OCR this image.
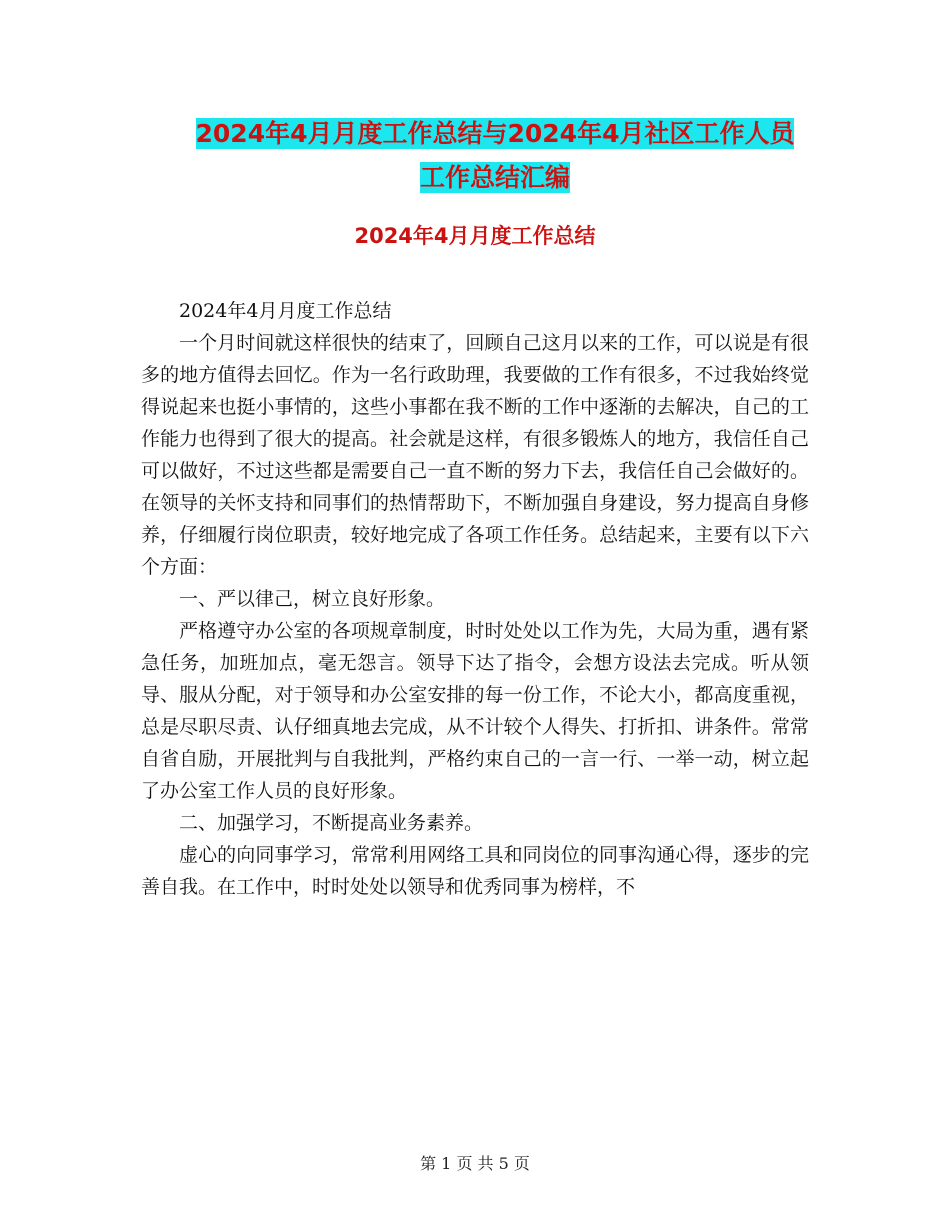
2024年4月月度工作总结与2024年4月社区工作人员
工作总结汇编
2024年4月月度工作总结

2024年4月月度工作总结

一个月时间就这样很快的结束了，回顾自己这月以来的工作，可以说是有很多的地方值得去回忆。作为一名行政助理，我要做的工作有很多，不过我始终觉得说起来也挺小事情的，这些小事都在我不断的工作中逐渐的去解决，自己的工作能力也得到了很大的提高。社会就是这样，有很多锻炼人的地方，我信任自己可以做好，不过这些都是需要自己一直不断的努力下去，我信任自己会做好的。在领导的关怀支持和同事们的热情帮助下，不断加强自身建设，努力提高自身修养，仔细履行岗位职责，较好地完成了各项工作任务。总结起来，主要有以下六个方面：

一、严以律己，树立良好形象。

严格遵守办公室的各项规章制度，时时处处以工作为先，大局为重，遇有紧急任务，加班加点，毫无怨言。领导下达了指令，会想方设法去完成。听从领导、服从分配，对于领导和办公室安排的每一份工作，不论大小，都高度重视，总是尽职尽责、认仔细真地去完成，从不计较个人得失、打折扣、讲条件。常常自省自励，开展批判与自我批判，严格约束自己的一言一行、一举一动，树立起了办公室工作人员的良好形象。

二、加强学习，不断提高业务素养。

虚心的向同事学习，常常利用网络工具和同岗位的同事沟通心得，逐步的完善自我。在工作中，时时处处以领导和优秀同事为榜样，不

第 1 页 共 5 页
